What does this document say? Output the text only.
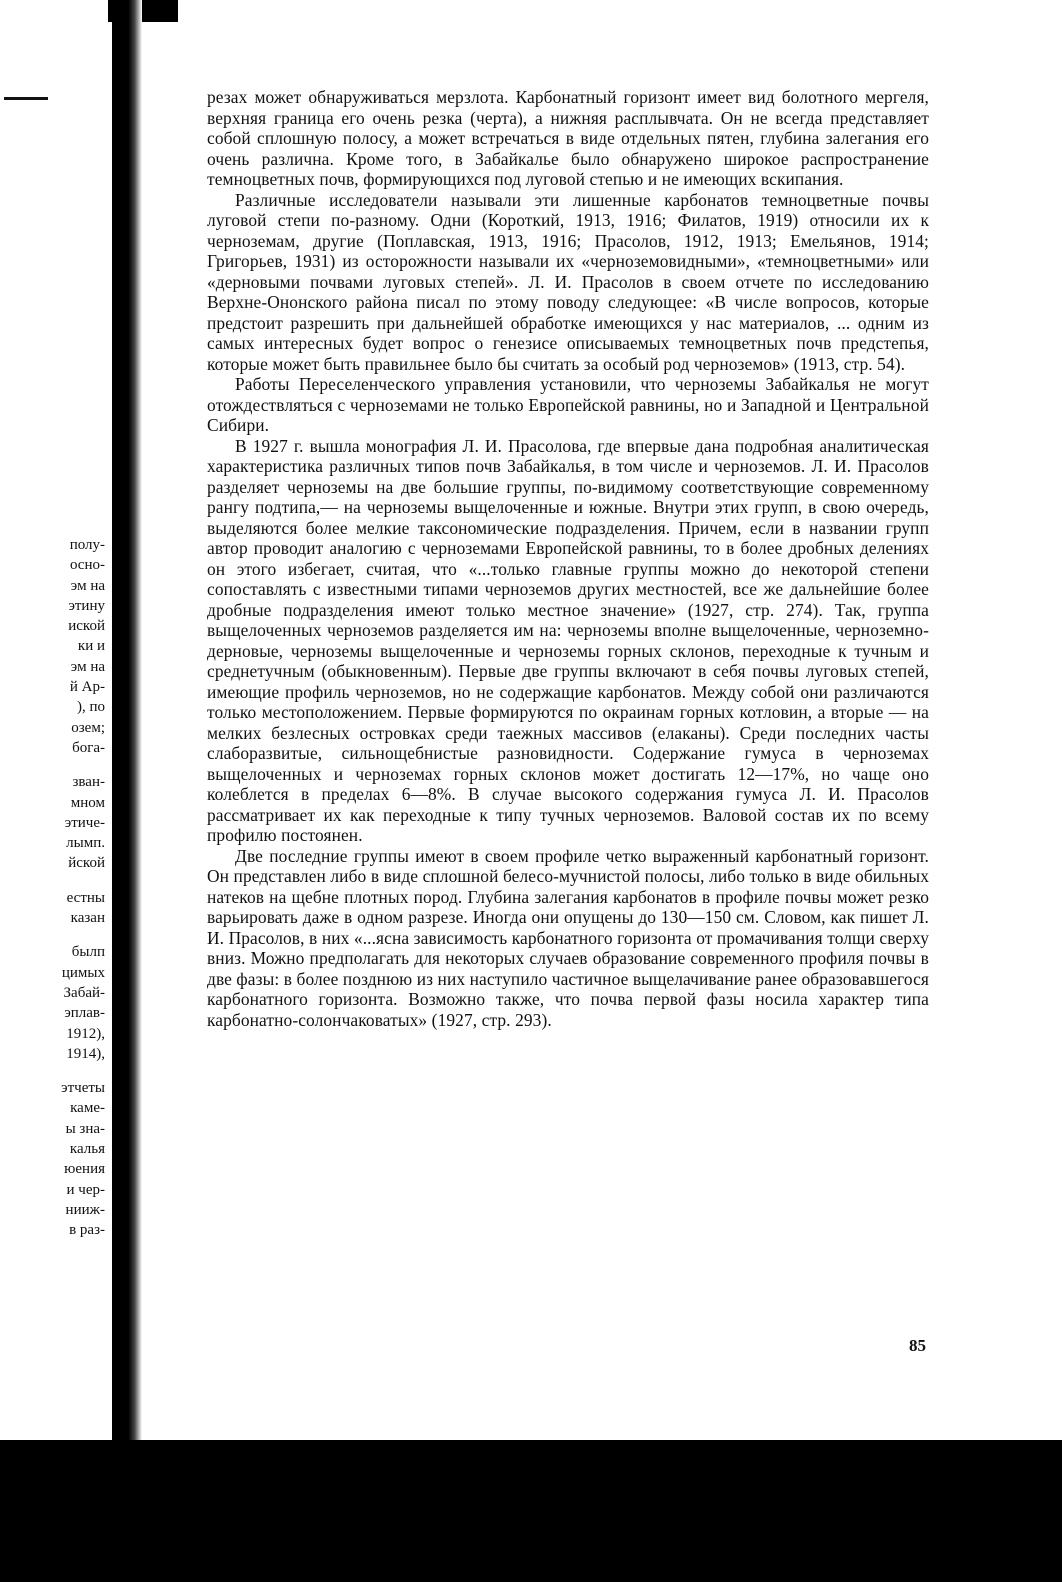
полу-
осно-
эм на
этину
иской
ки и
эм на
й Ар-
), по
озем;
бога-
зван-
мном
этиче-
лымп.
йской
естны
казан
былп
цимых
Забай-
эплав-
1912),
1914),
этчеты
каме-
ы зна-
калья
юения
и чер-
нииж-
в раз-

резах может обнаруживаться мерзлота. Карбонатный горизонт имеет вид болотного мергеля, верхняя граница его очень резка (черта), а нижняя расплывчата. Он не всегда представляет собой сплошную полосу, а может встречаться в виде отдельных пятен, глубина залегания его очень различна. Кроме того, в Забайкалье было обнаружено широкое распространение темноцветных почв, формирующихся под луговой степью и не имеющих вскипания.

Различные исследователи называли эти лишенные карбонатов темноцветные почвы луговой степи по-разному. Одни (Короткий, 1913, 1916; Филатов, 1919) относили их к черноземам, другие (Поплавская, 1913, 1916; Прасолов, 1912, 1913; Емельянов, 1914; Григорьев, 1931) из осторожности называли их «черноземовидными», «темноцветными» или «дерновыми почвами луговых степей». Л. И. Прасолов в своем отчете по исследованию Верхне-Ононского района писал по этому поводу следующее: «В числе вопросов, которые предстоит разрешить при дальнейшей обработке имеющихся у нас материалов, ... одним из самых интересных будет вопрос о генезисе описываемых темноцветных почв предстепья, которые может быть правильнее было бы считать за особый род черноземов» (1913, стр. 54).

Работы Переселенческого управления установили, что черноземы Забайкалья не могут отождествляться с черноземами не только Европейской равнины, но и Западной и Центральной Сибири.

В 1927 г. вышла монография Л. И. Прасолова, где впервые дана подробная аналитическая характеристика различных типов почв Забайкалья, в том числе и черноземов. Л. И. Прасолов разделяет черноземы на две большие группы, по-видимому соответствующие современному рангу подтипа,— на черноземы выщелоченные и южные. Внутри этих групп, в свою очередь, выделяются более мелкие таксономические подразделения. Причем, если в названии групп автор проводит аналогию с черноземами Европейской равнины, то в более дробных делениях он этого избегает, считая, что «...только главные группы можно до некоторой степени сопоставлять с известными типами черноземов других местностей, все же дальнейшие более дробные подразделения имеют только местное значение» (1927, стр. 274). Так, группа выщелоченных черноземов разделяется им на: черноземы вполне выщелоченные, черноземно-дерновые, черноземы выщелоченные и черноземы горных склонов, переходные к тучным и среднетучным (обыкновенным). Первые две группы включают в себя почвы луговых степей, имеющие профиль черноземов, но не содержащие карбонатов. Между собой они различаются только местоположением. Первые формируются по окраинам горных котловин, а вторые — на мелких безлесных островках среди таежных массивов (елаканы). Среди последних часты слаборазвитые, сильнощебнистые разновидности. Содержание гумуса в черноземах выщелоченных и черноземах горных склонов может достигать 12—17%, но чаще оно колеблется в пределах 6—8%. В случае высокого содержания гумуса Л. И. Прасолов рассматривает их как переходные к типу тучных черноземов. Валовой состав их по всему профилю постоянен.

Две последние группы имеют в своем профиле четко выраженный карбонатный горизонт. Он представлен либо в виде сплошной белесо-мучнистой полосы, либо только в виде обильных натеков на щебне плотных пород. Глубина залегания карбонатов в профиле почвы может резко варьировать даже в одном разрезе. Иногда они опущены до 130—150 см. Словом, как пишет Л. И. Прасолов, в них «...ясна зависимость карбонатного горизонта от промачивания толщи сверху вниз. Можно предполагать для некоторых случаев образование современного профиля почвы в две фазы: в более позднюю из них наступило частичное выщелачивание ранее образовавшегося карбонатного горизонта. Возможно также, что почва первой фазы носила характер типа карбонатно-солончаковатых» (1927, стр. 293).

85
